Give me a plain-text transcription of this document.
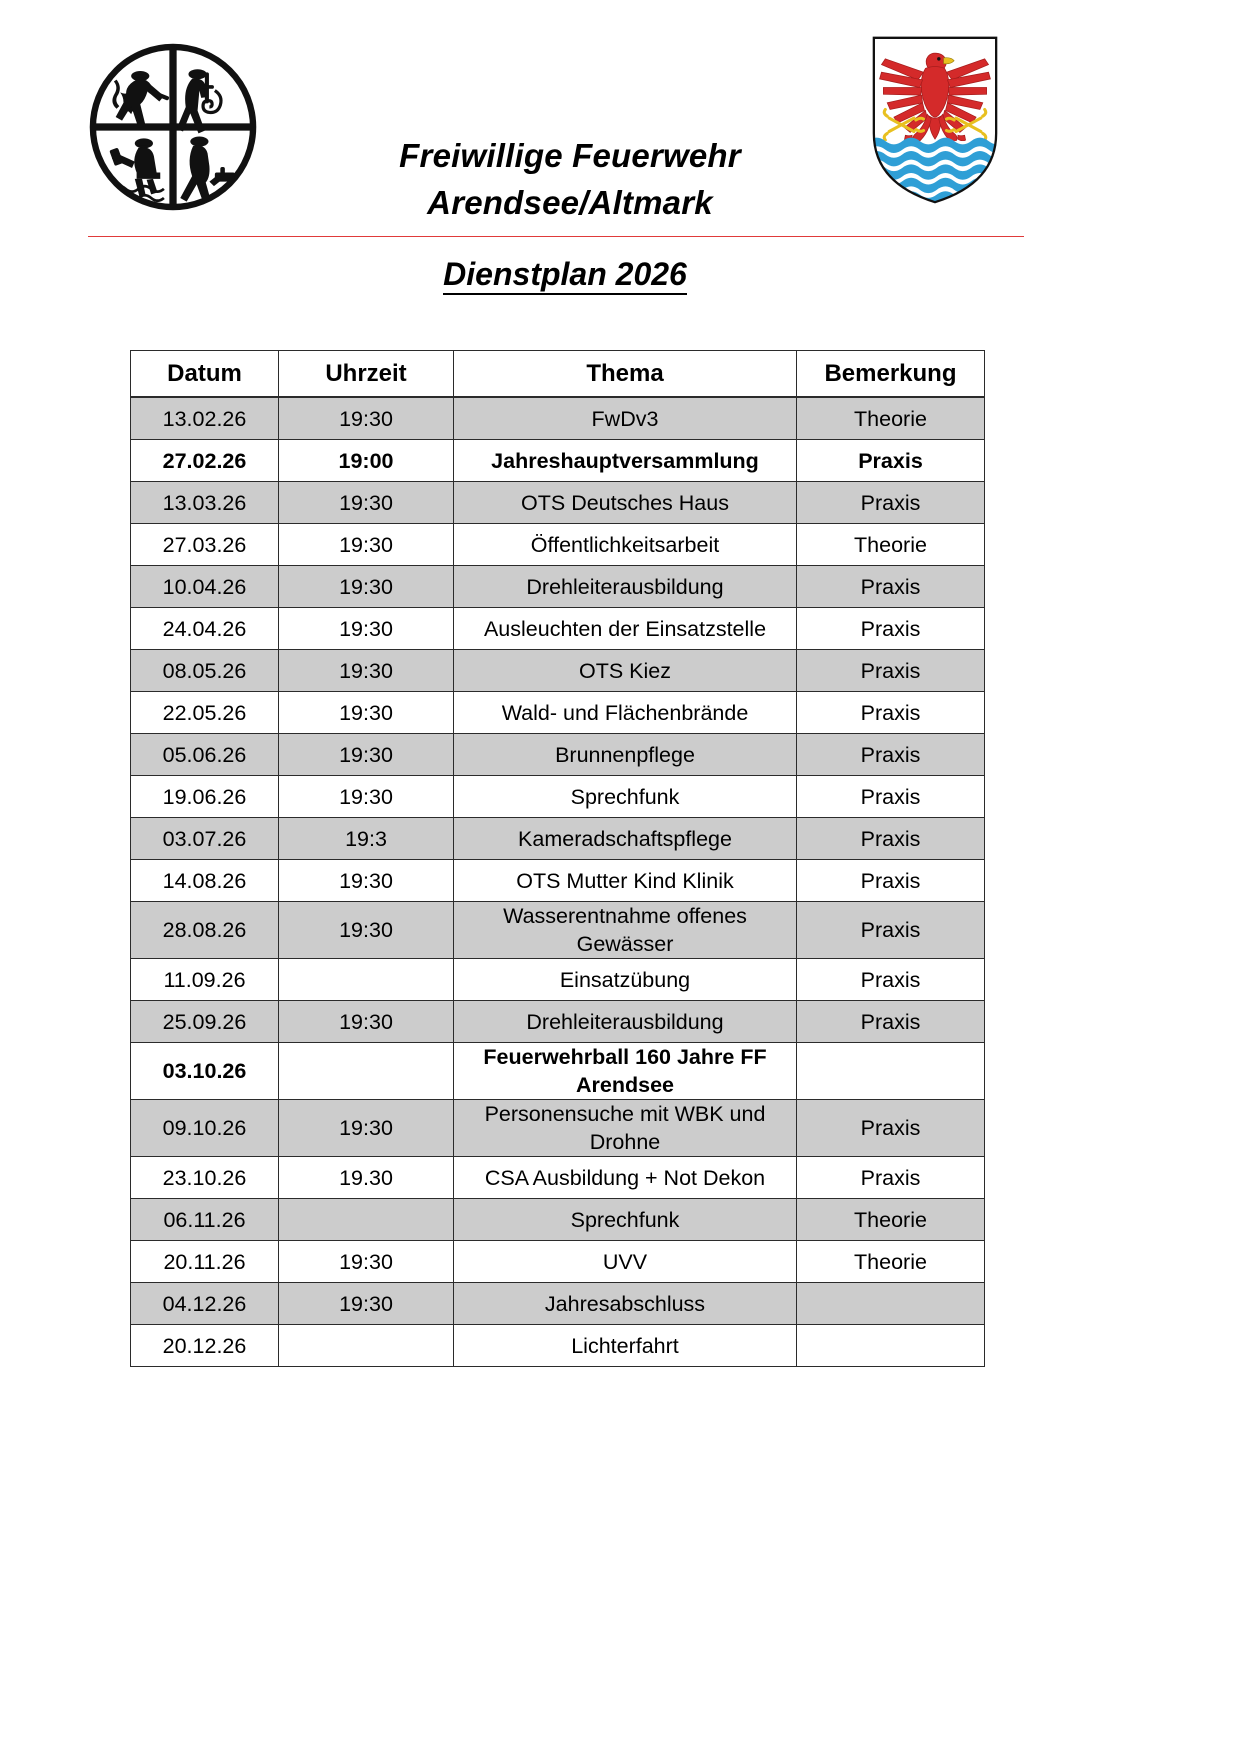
Freiwillige Feuerwehr
Arendsee/Altmark
Dienstplan 2026
Datum	Uhrzeit	Thema	Bemerkung
13.02.26	19:30	FwDv3	Theorie
27.02.26	19:00	Jahreshauptversammlung	Praxis
13.03.26	19:30	OTS Deutsches Haus	Praxis
27.03.26	19:30	Öffentlichkeitsarbeit	Theorie
10.04.26	19:30	Drehleiterausbildung	Praxis
24.04.26	19:30	Ausleuchten der Einsatzstelle	Praxis
08.05.26	19:30	OTS Kiez	Praxis
22.05.26	19:30	Wald- und Flächenbrände	Praxis
05.06.26	19:30	Brunnenpflege	Praxis
19.06.26	19:30	Sprechfunk	Praxis
03.07.26	19:3	Kameradschaftspflege	Praxis
14.08.26	19:30	OTS Mutter Kind Klinik	Praxis
28.08.26	19:30	Wasserentnahme offenes Gewässer	Praxis
11.09.26		Einsatzübung	Praxis
25.09.26	19:30	Drehleiterausbildung	Praxis
03.10.26		Feuerwehrball 160 Jahre FF Arendsee	
09.10.26	19:30	Personensuche mit WBK und Drohne	Praxis
23.10.26	19.30	CSA Ausbildung + Not Dekon	Praxis
06.11.26		Sprechfunk	Theorie
20.11.26	19:30	UVV	Theorie
04.12.26	19:30	Jahresabschluss	
20.12.26		Lichterfahrt	
